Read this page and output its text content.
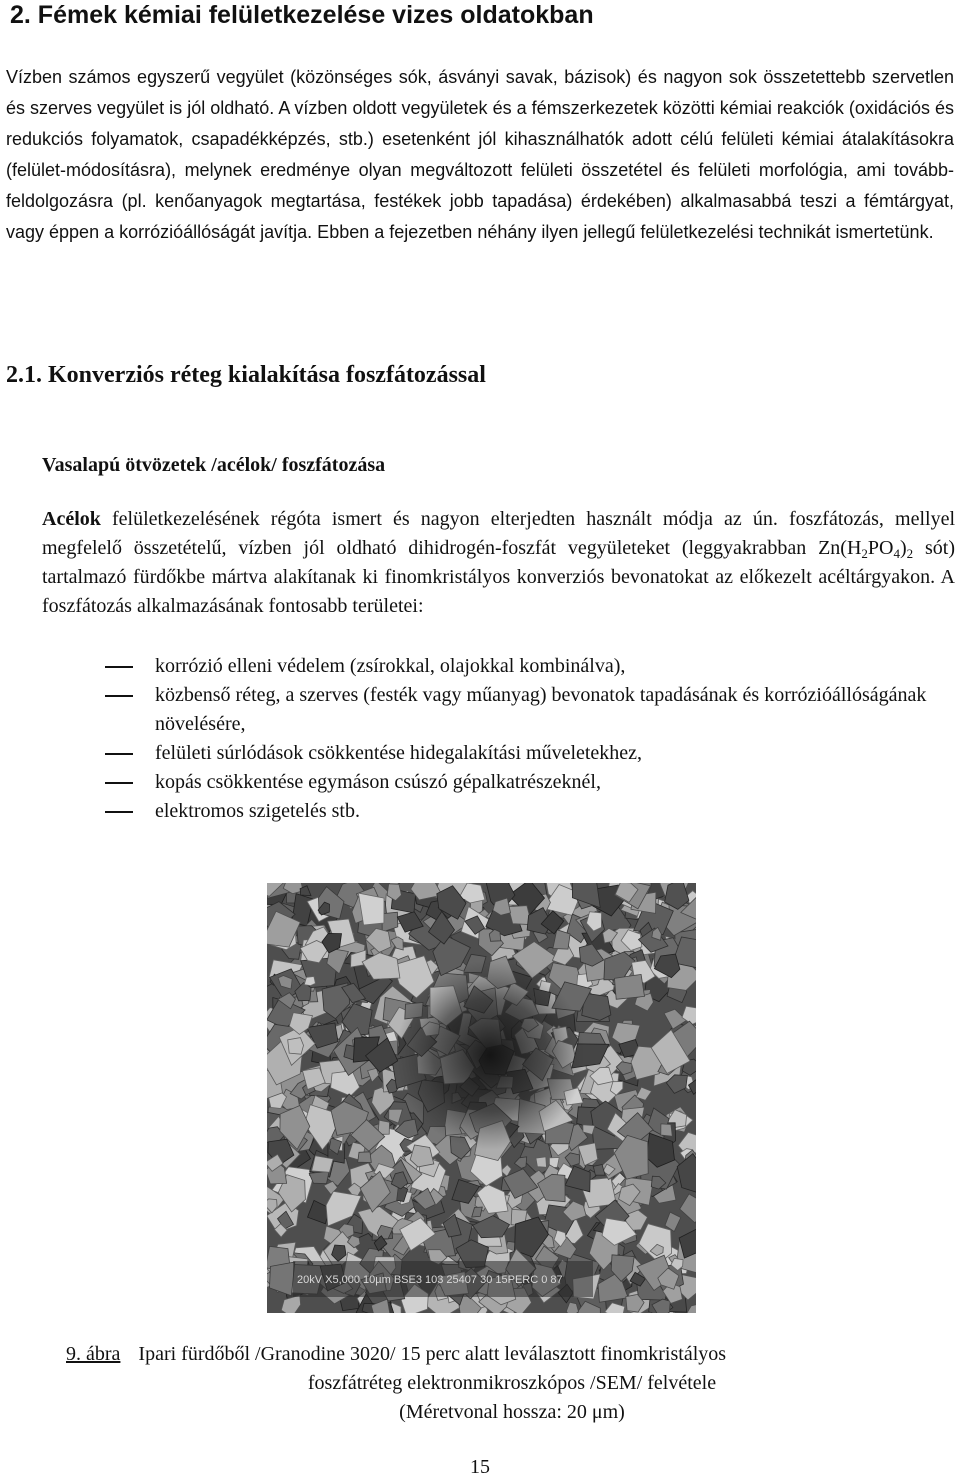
2. Fémek kémiai felületkezelése vizes oldatokban
Vízben számos egyszerű vegyület (közönséges sók, ásványi savak, bázisok) és nagyon sok összetettebb szervetlen és szerves vegyület is jól oldható. A vízben oldott vegyületek és a fémszerkezetek közötti kémiai reakciók (oxidációs és redukciós folyamatok, csapadékképzés, stb.) esetenként jól kihasználhatók adott célú felületi kémiai átalakításokra (felület-módosításra), melynek eredménye olyan megváltozott felületi összetétel és felületi morfológia, ami tovább-feldolgozásra (pl. kenőanyagok megtartása, festékek jobb tapadása) érdekében) alkalmasabbá teszi a fémtárgyat, vagy éppen a korrózióállóságát javítja. Ebben a fejezetben néhány ilyen jellegű felületkezelési technikát ismertetünk.
2.1. Konverziós réteg kialakítása foszfátozással
Vasalapú ötvözetek /acélok/ foszfátozása
Acélok felületkezelésének régóta ismert és nagyon elterjedten használt módja az ún. foszfátozás, mellyel megfelelő összetételű, vízben jól oldható dihidrogén-foszfát vegyületeket (leggyakrabban $Zn(H_2PO_4)_2$ sót) tartalmazó fürdőkbe mártva alakítanak ki finomkristályos konverziós bevonatokat az előkezelt acéltárgyakon. A foszfátozás alkalmazásának fontosabb területei:
korrózió elleni védelem (zsírokkal, olajokkal kombinálva),
közbenső réteg, a szerves (festék vagy műanyag) bevonatok tapadásának és korrózióállóságának növelésére,
felületi súrlódások csökkentése hidegalakítási műveletekhez,
kopás csökkentése egymáson csúszó gépalkatrészeknél,
elektromos szigetelés stb.
20kV X5,000 10µm BSE3 103 25407 30 15PERC 0 87
9. ábra Ipari fürdőből /Granodine 3020/ 15 perc alatt leválasztott finomkristályos
foszfátréteg elektronmikroszkópos /SEM/ felvétele
(Méretvonal hossza: 20 μm)
15
